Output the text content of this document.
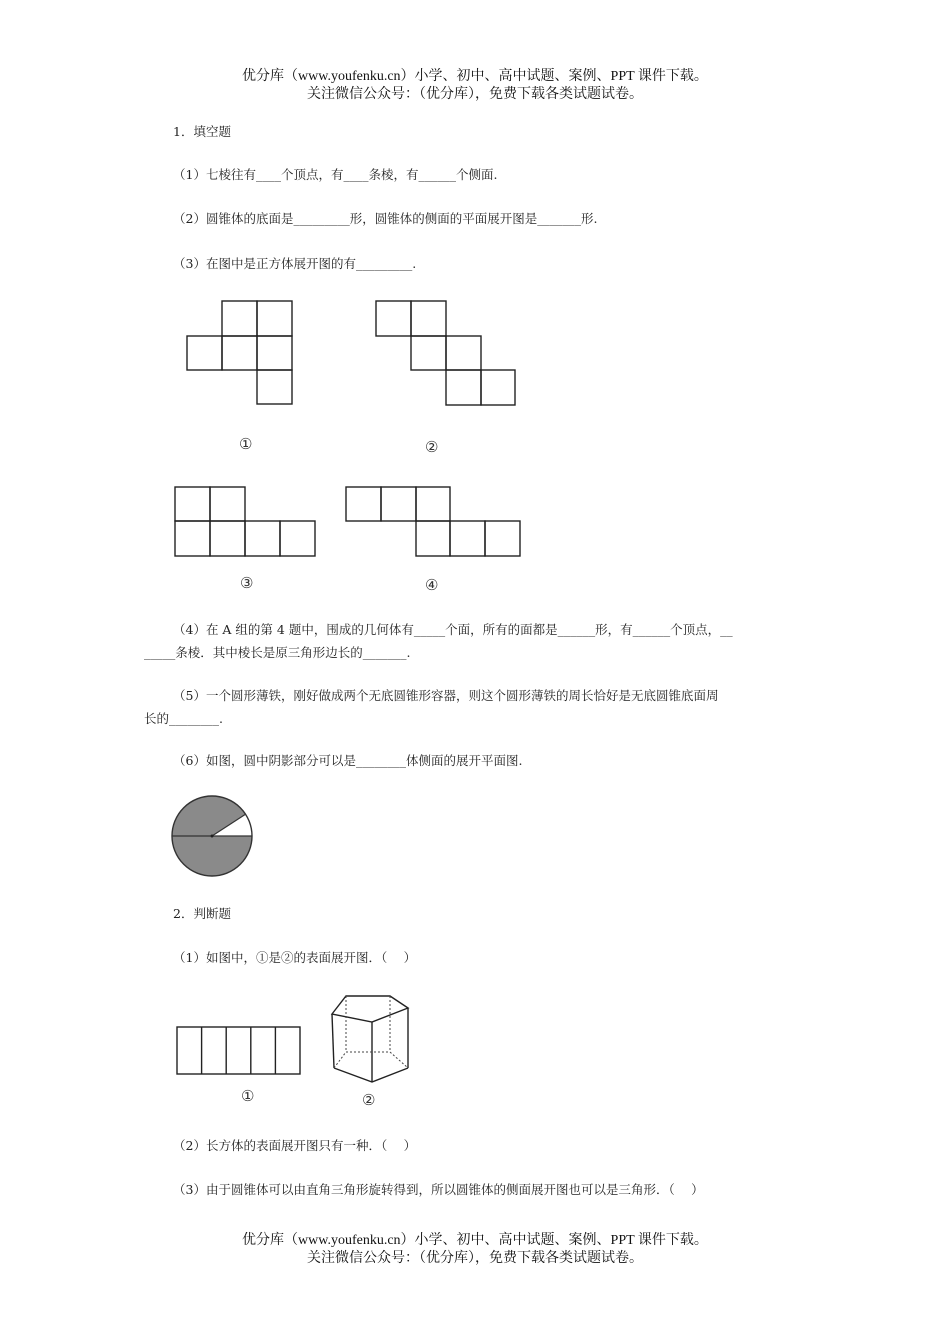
优分库（www.youfenku.cn）小学、初中、高中试题、案例、PPT 课件下载。
关注微信公众号：（优分库），免费下载各类试题试卷。
1．填空题
（1）七棱往有____个顶点，有____条棱，有______个侧面.
（2）圆锥体的底面是_________形，圆锥体的侧面的平面展开图是_______形.
（3）在图中是正方体展开图的有_________.
①	②
③	④
（4）在 A 组的第 4 题中，围成的几何体有_____个面，所有的面都是______形，有______个顶点，__
_____条棱．其中棱长是原三角形边长的_______.
（5）一个圆形薄铁，刚好做成两个无底圆锥形容器，则这个圆形薄铁的周长恰好是无底圆锥底面周
长的________.
（6）如图，圆中阴影部分可以是________体侧面的展开平面图.
2．判断题
（1）如图中，①是②的表面展开图．（　 ）
①	②
（2）长方体的表面展开图只有一种．（　 ）
（3）由于圆锥体可以由直角三角形旋转得到，所以圆锥体的侧面展开图也可以是三角形．（　 ）
优分库（www.youfenku.cn）小学、初中、高中试题、案例、PPT 课件下载。
关注微信公众号：（优分库），免费下载各类试题试卷。
